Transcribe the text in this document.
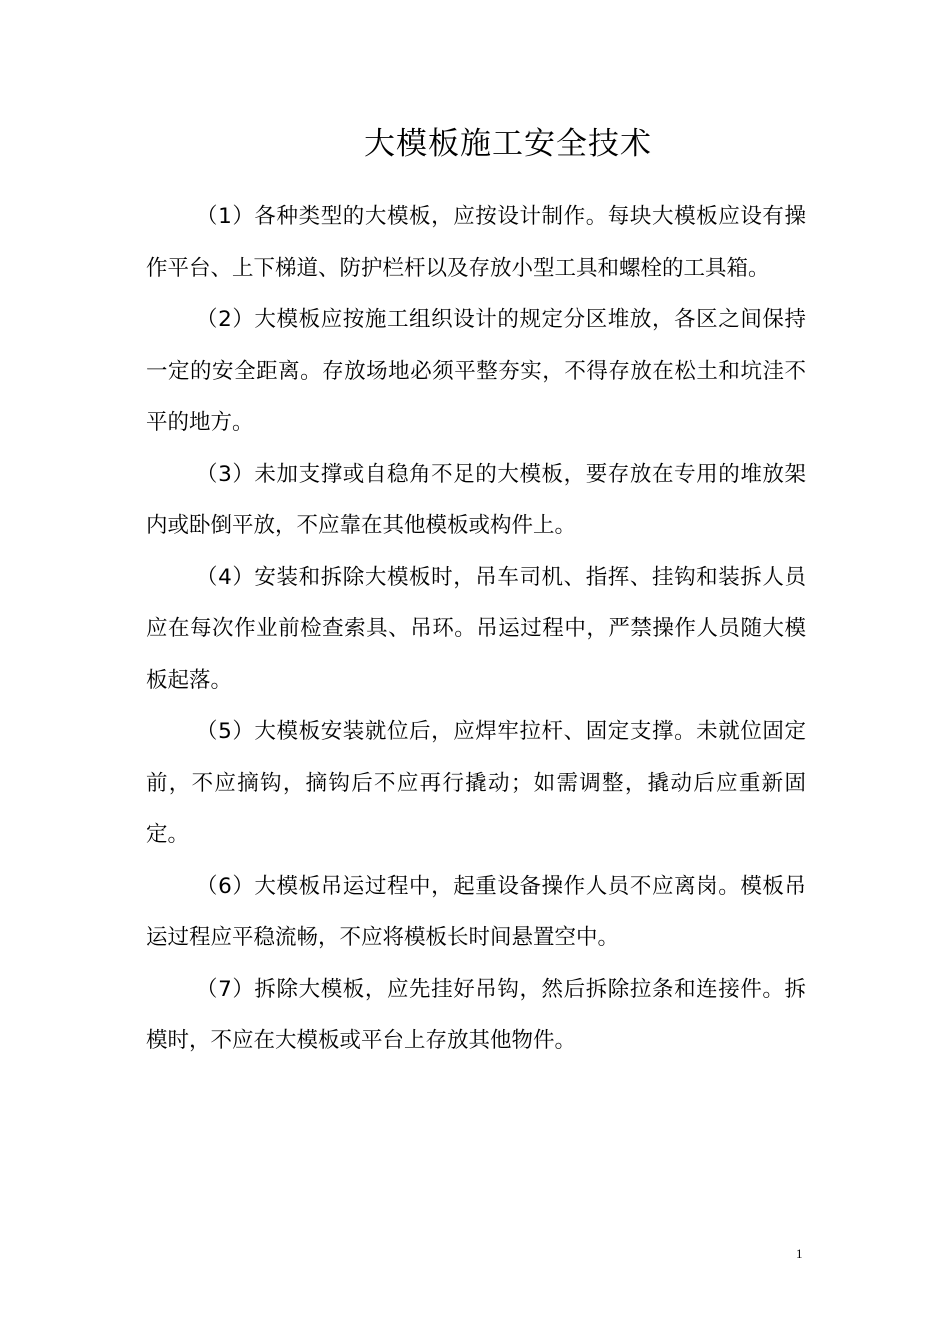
大模板施工安全技术

（1）各种类型的大模板，应按设计制作。每块大模板应设有操作平台、上下梯道、防护栏杆以及存放小型工具和螺栓的工具箱。

（2）大模板应按施工组织设计的规定分区堆放，各区之间保持一定的安全距离。存放场地必须平整夯实，不得存放在松土和坑洼不平的地方。

（3）未加支撑或自稳角不足的大模板，要存放在专用的堆放架内或卧倒平放，不应靠在其他模板或构件上。

（4）安装和拆除大模板时，吊车司机、指挥、挂钩和装拆人员应在每次作业前检查索具、吊环。吊运过程中，严禁操作人员随大模板起落。

（5）大模板安装就位后，应焊牢拉杆、固定支撑。未就位固定前，不应摘钩，摘钩后不应再行撬动；如需调整，撬动后应重新固定。

（6）大模板吊运过程中，起重设备操作人员不应离岗。模板吊运过程应平稳流畅，不应将模板长时间悬置空中。

（7）拆除大模板，应先挂好吊钩，然后拆除拉条和连接件。拆模时，不应在大模板或平台上存放其他物件。

1
